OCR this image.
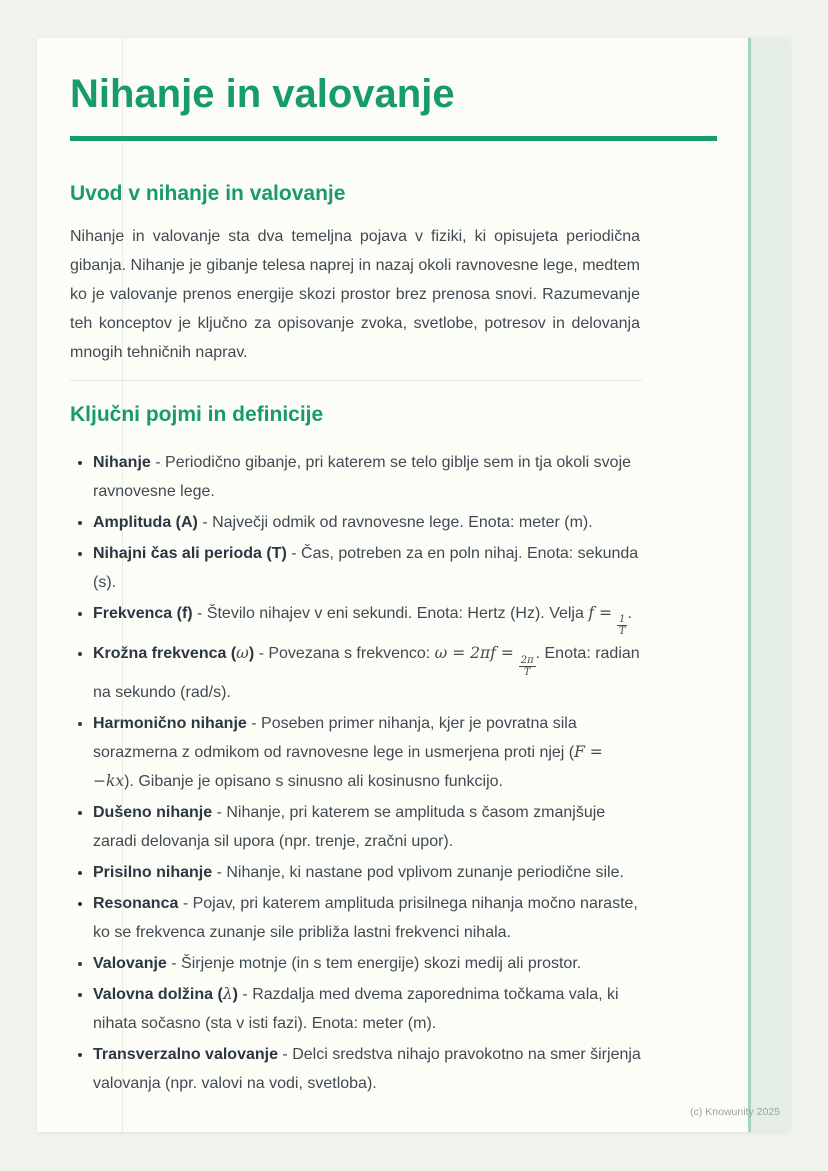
Nihanje in valovanje
Uvod v nihanje in valovanje

Nihanje in valovanje sta dva temeljna pojava v fiziki, ki opisujeta periodična gibanja. Nihanje je gibanje telesa naprej in nazaj okoli ravnovesne lege, medtem ko je valovanje prenos energije skozi prostor brez prenosa snovi. Razumevanje teh konceptov je ključno za opisovanje zvoka, svetlobe, potresov in delovanja mnogih tehničnih naprav.

Ključni pojmi in definicije
• Nihanje - Periodično gibanje, pri katerem se telo giblje sem in tja okoli svoje ravnovesne lege.
• Amplituda (A) - Največji odmik od ravnovesne lege. Enota: meter (m).
• Nihajni čas ali perioda (T) - Čas, potreben za en poln nihaj. Enota: sekunda (s).
• Frekvenca (f) - Število nihajev v eni sekundi. Enota: Hertz (Hz). Velja f =
$\frac{1}{T}$
.
• Krožna frekvenca (ω) - Povezana s frekvenco: ω = 2πf =
$\frac{2\pi}{T}$
. Enota: radian na sekundo (rad/s).
• Harmonično nihanje - Poseben primer nihanja, kjer je povratna sila sorazmerna z odmikom od ravnovesne lege in usmerjena proti njej (F = −kx). Gibanje je opisano s sinusno ali kosinusno funkcijo.
• Dušeno nihanje - Nihanje, pri katerem se amplituda s časom zmanjšuje zaradi delovanja sil upora (npr. trenje, zračni upor).
• Prisilno nihanje - Nihanje, ki nastane pod vplivom zunanje periodične sile.
• Resonanca - Pojav, pri katerem amplituda prisilnega nihanja močno naraste, ko se frekvenca zunanje sile približa lastni frekvenci nihala.
• Valovanje - Širjenje motnje (in s tem energije) skozi medij ali prostor.
• Valovna dolžina (λ) - Razdalja med dvema zaporednima točkama vala, ki nihata sočasno (sta v isti fazi). Enota: meter (m).
• Transverzalno valovanje - Delci sredstva nihajo pravokotno na smer širjenja valovanja (npr. valovi na vodi, svetloba).
(c) Knowunity 2025
